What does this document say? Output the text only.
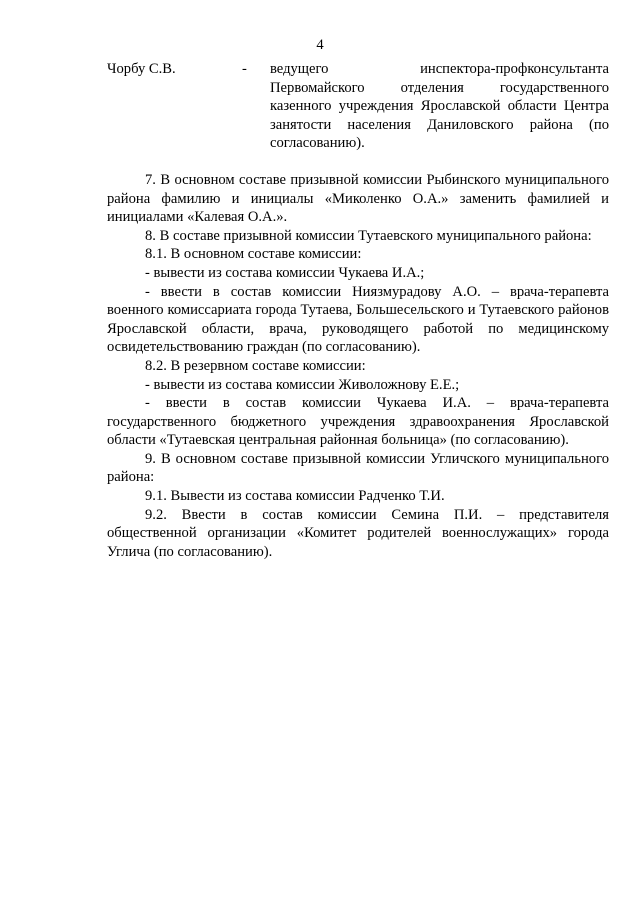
4
Чорбу С.В.	-	ведущего инспектора-профконсультанта Первомайского отделения государственного казенного учреждения Ярославской области Центра занятости населения Даниловского района (по согласованию).

7. В основном составе призывной комиссии Рыбинского муниципального района фамилию и инициалы «Миколенко О.А.» заменить фамилией и инициалами «Калевая О.А.».

8. В составе призывной комиссии Тутаевского муниципального района:

8.1. В основном составе комиссии:

- вывести из состава комиссии Чукаева И.А.;

- ввести в состав комиссии Ниязмурадову А.О. – врача-терапевта военного комиссариата города Тутаева, Большесельского и Тутаевского районов Ярославской области, врача, руководящего работой по медицинскому освидетельствованию граждан (по согласованию).

8.2. В резервном составе комиссии:

- вывести из состава комиссии Живоложнову Е.Е.;

- ввести в состав комиссии Чукаева И.А. – врача-терапевта государственного бюджетного учреждения здравоохранения Ярославской области «Тутаевская центральная районная больница» (по согласованию).

9. В основном составе призывной комиссии Угличского муниципального района:

9.1. Вывести из состава комиссии Радченко Т.И.

9.2. Ввести в состав комиссии Семина П.И. – представителя общественной организации «Комитет родителей военнослужащих» города Углича (по согласованию).
